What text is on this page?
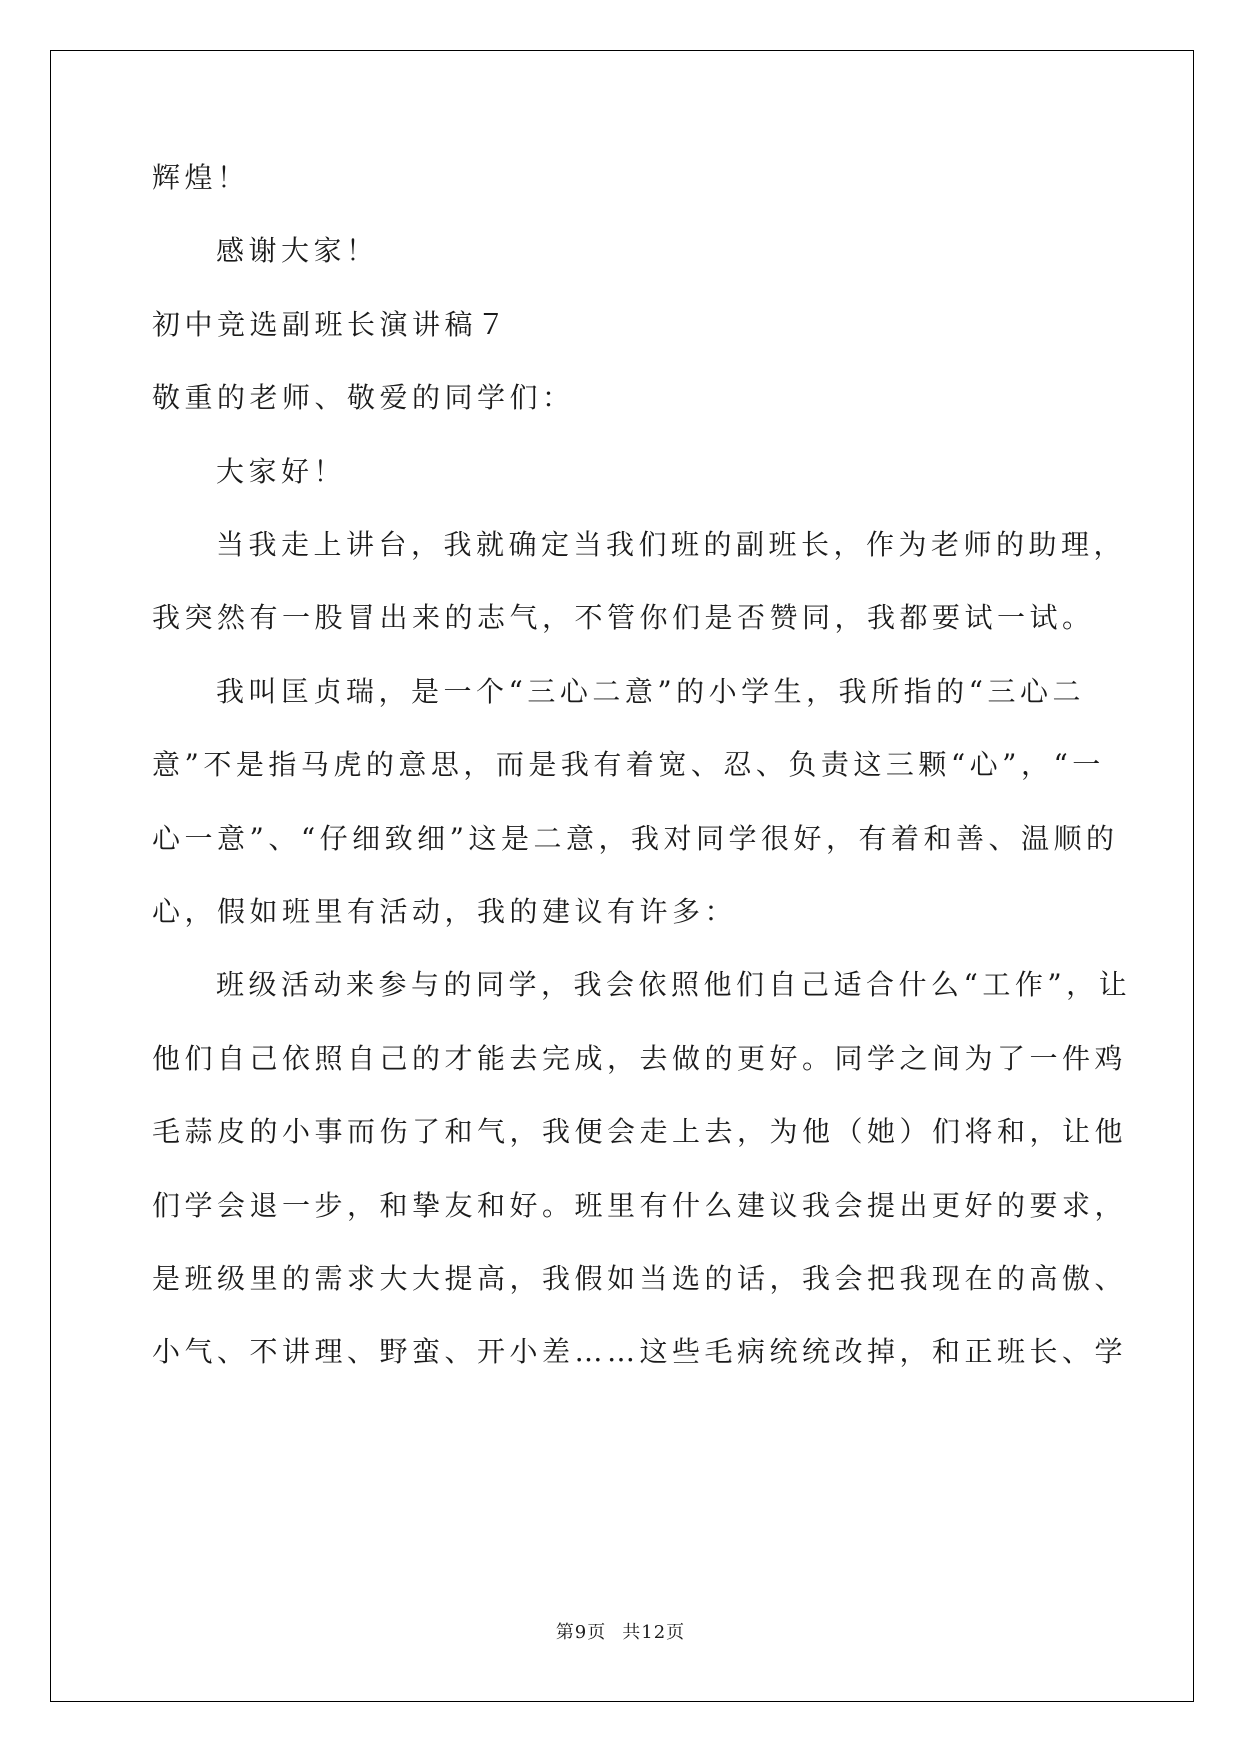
辉煌！
感谢大家！
初中竞选副班长演讲稿７
敬重的老师、敬爱的同学们：
大家好！
当我走上讲台，我就确定当我们班的副班长，作为老师的助理，
我突然有一股冒出来的志气，不管你们是否赞同，我都要试一试。
我叫匡贞瑞，是一个“三心二意”的小学生，我所指的“三心二
意”不是指马虎的意思，而是我有着宽、忍、负责这三颗“心”，“一
心一意”、“仔细致细”这是二意，我对同学很好，有着和善、温顺的
心，假如班里有活动，我的建议有许多：
班级活动来参与的同学，我会依照他们自己适合什么“工作”，让
他们自己依照自己的才能去完成，去做的更好。同学之间为了一件鸡
毛蒜皮的小事而伤了和气，我便会走上去，为他（她）们将和，让他
们学会退一步，和挚友和好。班里有什么建议我会提出更好的要求，
是班级里的需求大大提高，我假如当选的话，我会把我现在的高傲、
小气、不讲理、野蛮、开小差……这些毛病统统改掉，和正班长、学
第9页 共12页
